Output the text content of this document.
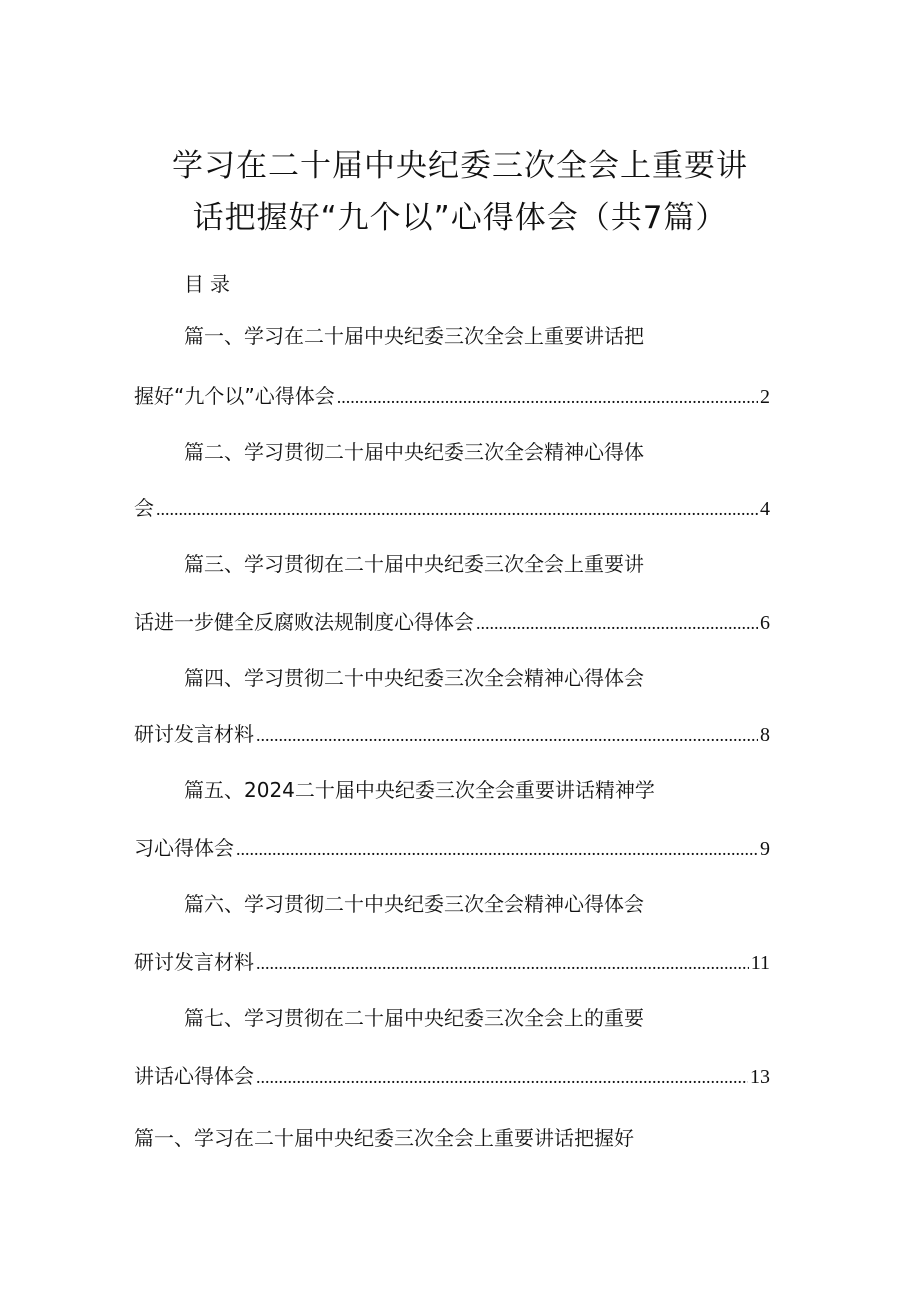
学习在二十届中央纪委三次全会上重要讲
话把握好“九个以”心得体会（共7篇）
目录
篇一、学习在二十届中央纪委三次全会上重要讲话把
握好“九个以”心得体会 .....	2
篇二、学习贯彻二十届中央纪委三次全会精神心得体
会 .....	4
篇三、学习贯彻在二十届中央纪委三次全会上重要讲
话进一步健全反腐败法规制度心得体会 .....	6
篇四、学习贯彻二十中央纪委三次全会精神心得体会
研讨发言材料 .....	8
篇五、2024二十届中央纪委三次全会重要讲话精神学
习心得体会 .....	9
篇六、学习贯彻二十中央纪委三次全会精神心得体会
研讨发言材料 .....	11
篇七、学习贯彻在二十届中央纪委三次全会上的重要
讲话心得体会 .....	13
篇一、学习在二十届中央纪委三次全会上重要讲话把握好
